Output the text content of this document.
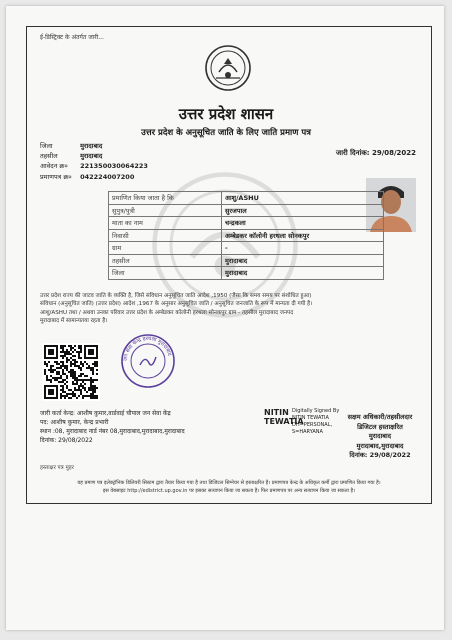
ई-डिस्ट्रिक्ट के अंतर्गत जारी...
उत्तर प्रदेश शासन
उत्तर प्रदेश के अनुसूचित जाति के लिए जाति प्रमाण पत्र
जिला	मुरादाबाद
तहसील	मुरादाबाद
आवेदन क्र० 221350030064223
प्रमाणपत्र क्र० 042224007200
जारी दिनांक: 29/08/2022
प्रमाणित किया जाता है कि	आशु/ASHU
सुपुत्र/पुत्री	सुरजपाल
माता का नाम	चन्द्रकला
निवासी	अम्बेडकर कॉलोनी हरथला सोनकपुर
ग्राम	-
तहसील	मुरादाबाद
जिला	मुरादाबाद
उत्तर प्रदेश राज्य की जाटव जाति के व्यक्ति है, जिसे संविधान अनुसूचित जाति आदेश ,1950 (जैसा कि समय समय पर संशोधित हुआ)
संविधान (अनुसूचित जाति) (उत्तर प्रदेश) आदेश ,1967 के अनुसार अनुसूचित जाति / अनुसूचित जनजाति के रूप में मान्यता दी गयी है।
आशु/ASHU तथा / अथवा उनका परिवार उत्तर प्रदेश के अम्बेडकर कॉलोनी हरथला सोनकपुर ग्राम - तहसील मुरादाबाद जनपद
मुरादाबाद में सामान्यतया रहता है।
जन सेवा केन्द्र हरथला मुरादाबाद
जारी कर्ता केन्द्र: आशीष कुमार,वार्डवाई चौपाल जन सेवा केंद्र
पद: आशीष कुमार, केन्द्र प्रभारी
स्थान :08, मुरादाबाद नार्ड नंबर 08,मुरादाबाद,मुरादाबाद,मुरादाबाद
दिनांक: 29/08/2022
NITIN
TEWATIA
Digitally Signed By
NITIN TEWATIA
DH=PERSONAL,
S=HARYANA
सक्षम अधिकारी/तहसीलदार
डिजिटल हस्ताक्षरित
मुरादाबाद
मुरादाबाद,मुरादाबाद
दिनांक: 29/08/2022
हस्ताक्षर पत्र मुहर
यह प्रमाण पत्र इलेक्ट्रॉनिक डिलिवरी सिस्टम द्वारा तैयार किया गया है तथा डिजिटल सिग्नेचर से हस्ताक्षरित है। प्रमाणपत्र केन्द्र के अधिकृत कर्मी द्वारा प्रमाणित किया गया है।
इस वेबसाइट http://edistrict.up.gov.in पर इसका सत्यापन किया जा सकता है। फिर प्रमाणपत्र पर अन्य सत्यापन किया जा सकता है।
